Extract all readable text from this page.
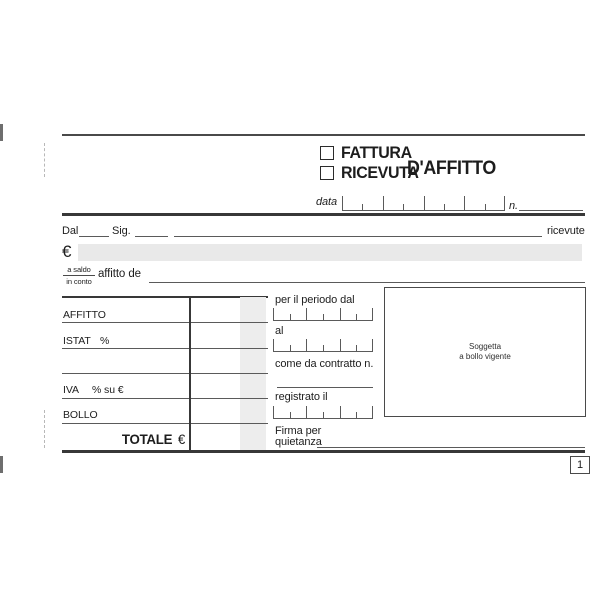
FATTURA
RICEVUTA
D'AFFITTO
data	n.
Dal	Sig.	ricevute
€
a saldo
in conto
affitto de
AFFITTO
ISTAT %
IVA % su €
BOLLO
TOTALE €
per il periodo dal
al
come da contratto n.
registrato il
Firma per
quietanza
Soggetta
a bollo vigente
1
